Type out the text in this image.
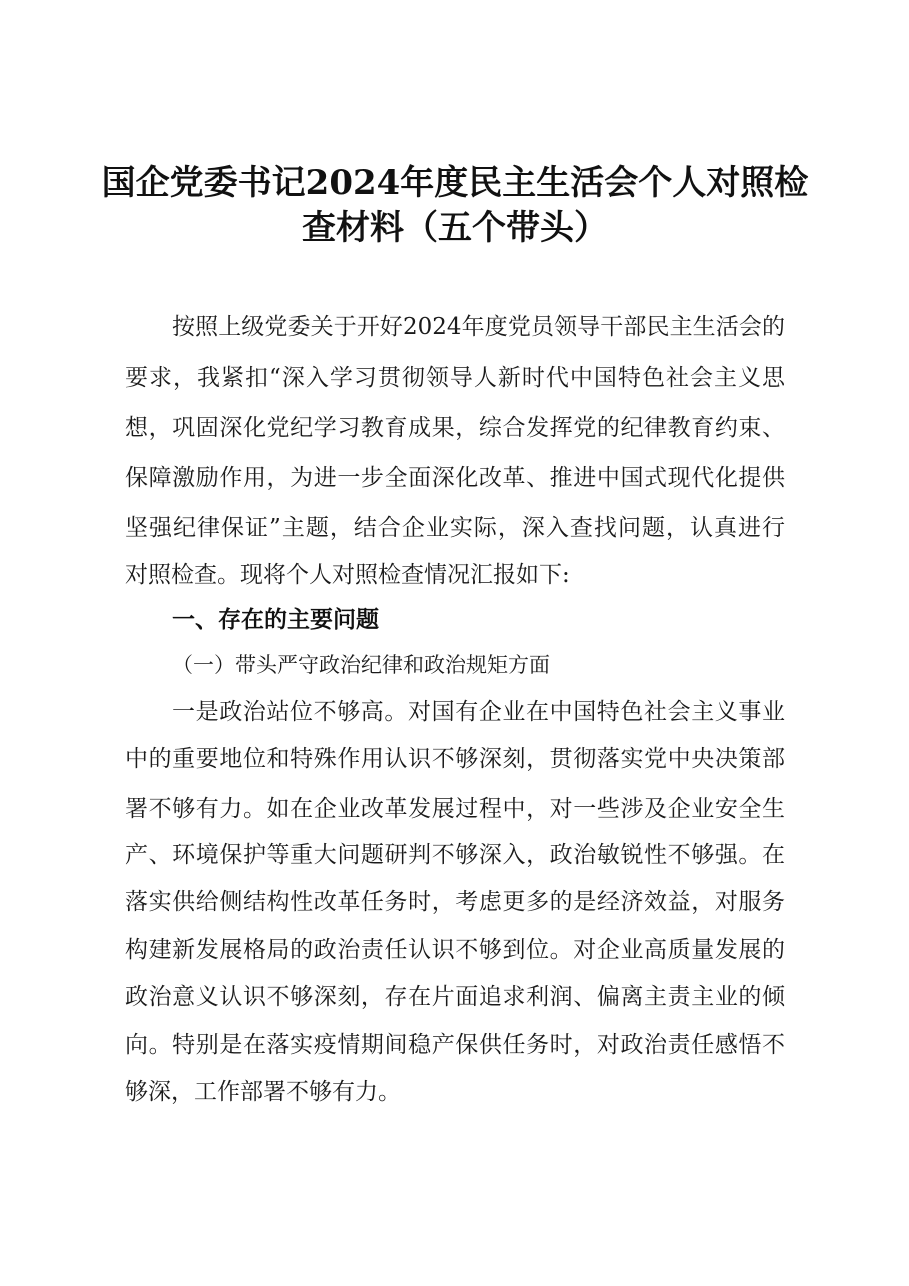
国企党委书记2024年度民主生活会个人对照检
查材料（五个带头）
按照上级党委关于开好2024年度党员领导干部民主生活会的
要求，我紧扣“深入学习贯彻领导人新时代中国特色社会主义思
想，巩固深化党纪学习教育成果，综合发挥党的纪律教育约束、
保障激励作用，为进一步全面深化改革、推进中国式现代化提供
坚强纪律保证”主题，结合企业实际，深入查找问题，认真进行
对照检查。现将个人对照检查情况汇报如下:
一、存在的主要问题
（一）带头严守政治纪律和政治规矩方面
一是政治站位不够高。对国有企业在中国特色社会主义事业
中的重要地位和特殊作用认识不够深刻，贯彻落实党中央决策部
署不够有力。如在企业改革发展过程中，对一些涉及企业安全生
产、环境保护等重大问题研判不够深入，政治敏锐性不够强。在
落实供给侧结构性改革任务时，考虑更多的是经济效益，对服务
构建新发展格局的政治责任认识不够到位。对企业高质量发展的
政治意义认识不够深刻，存在片面追求利润、偏离主责主业的倾
向。特别是在落实疫情期间稳产保供任务时，对政治责任感悟不
够深，工作部署不够有力。
